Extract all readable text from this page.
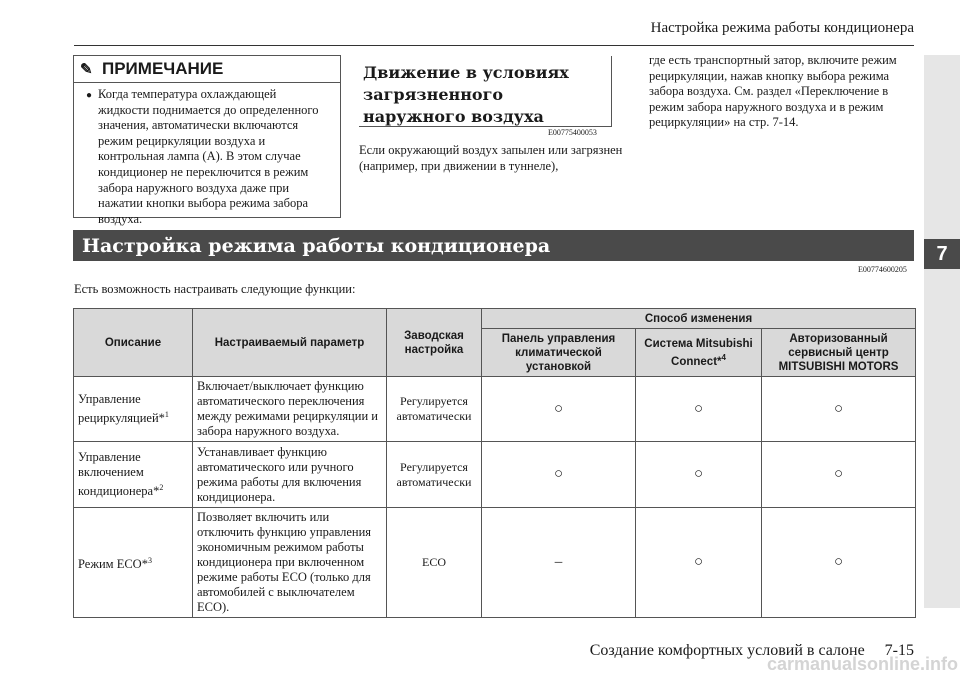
Настройка режима работы кондиционера
7
✎ ПРИМЕЧАНИЕ
● Когда температура охлаждающей жидкости поднимается до определенного значения, автоматически включаются режим рециркуляции воздуха и контрольная лампа (A). В этом случае кондиционер не переключится в режим забора наружного воздуха даже при нажатии кнопки выбора режима забора воздуха.
Движение в условиях загрязненного наружного воздуха
E00775400053
Если окружающий воздух запылен или загрязнен (например, при движении в туннеле),
где есть транспортный затор, включите режим рециркуляции, нажав кнопку выбора режима забора воздуха. См. раздел «Переключение в режим забора наружного воздуха и в режим рециркуляции» на стр. 7-14.
Настройка режима работы кондиционера
E00774600205
Есть возможность настраивать следующие функции:
Описание	Настраиваемый параметр	Заводская настройка	Способ изменения		
			Панель управления климатической установкой	Система Mitsubishi Connect*$^4$	Авторизованный сервисный центр MITSUBISHI MOTORS
Управление рециркуляцией*$^1$	Включает/выключает функцию автоматического переключения между режимами рециркуляции и забора наружного воздуха.	Регулируется автоматически	○	○	○
Управление включением кондиционера*$^2$	Устанавливает функцию автоматического или ручного режима работы для включения кондиционера.	Регулируется автоматически	○	○	○
Режим ECO*$^3$	Позволяет включить или отключить функцию управления экономичным режимом работы кондиционера при включенном режиме работы ECO (только для автомобилей с выключателем ECO).	ECO	–	○	○
Создание комфортных условий в салоне 7-15
carmanualsonline.info
